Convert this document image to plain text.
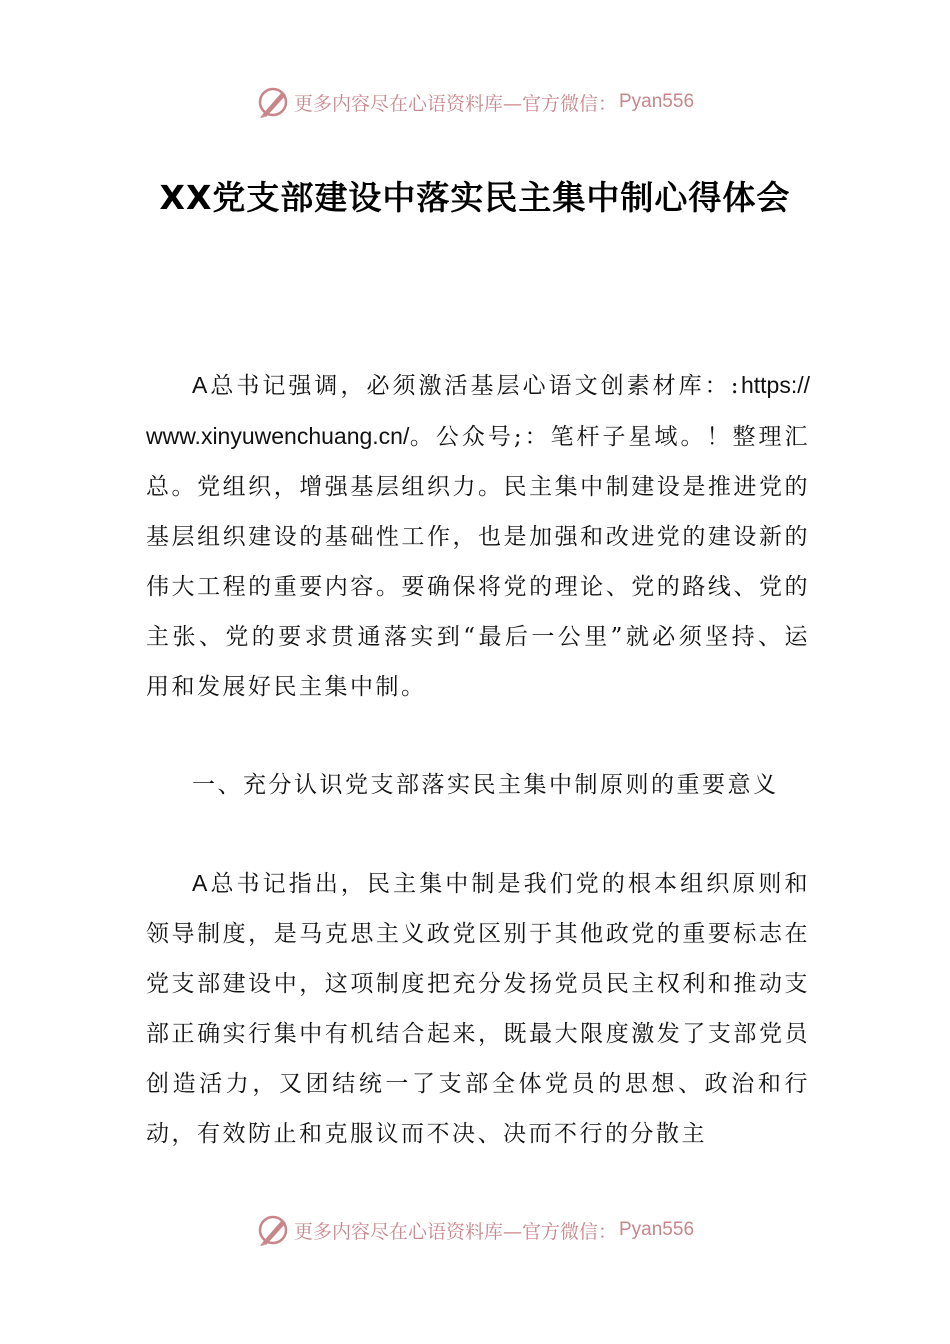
更多内容尽在心语资料库—官方微信： Pyan556
XX党支部建设中落实民主集中制心得体会

A总书记强调，必须激活基层心语文创素材库：:https://www.xinyuwenchuang.cn/。公众号;：笔杆子星域。！整理汇总。党组织，增强基层组织力。民主集中制建设是推进党的基层组织建设的基础性工作，也是加强和改进党的建设新的伟大工程的重要内容。要确保将党的理论、党的路线、党的主张、党的要求贯通落实到“最后一公里”就必须坚持、运用和发展好民主集中制。

一、充分认识党支部落实民主集中制原则的重要意义

A总书记指出，民主集中制是我们党的根本组织原则和领导制度，是马克思主义政党区别于其他政党的重要标志在党支部建设中，这项制度把充分发扬党员民主权利和推动支部正确实行集中有机结合起来，既最大限度激发了支部党员创造活力，又团结统一了支部全体党员的思想、政治和行动，有效防止和克服议而不决、决而不行的分散主

更多内容尽在心语资料库—官方微信： Pyan556
